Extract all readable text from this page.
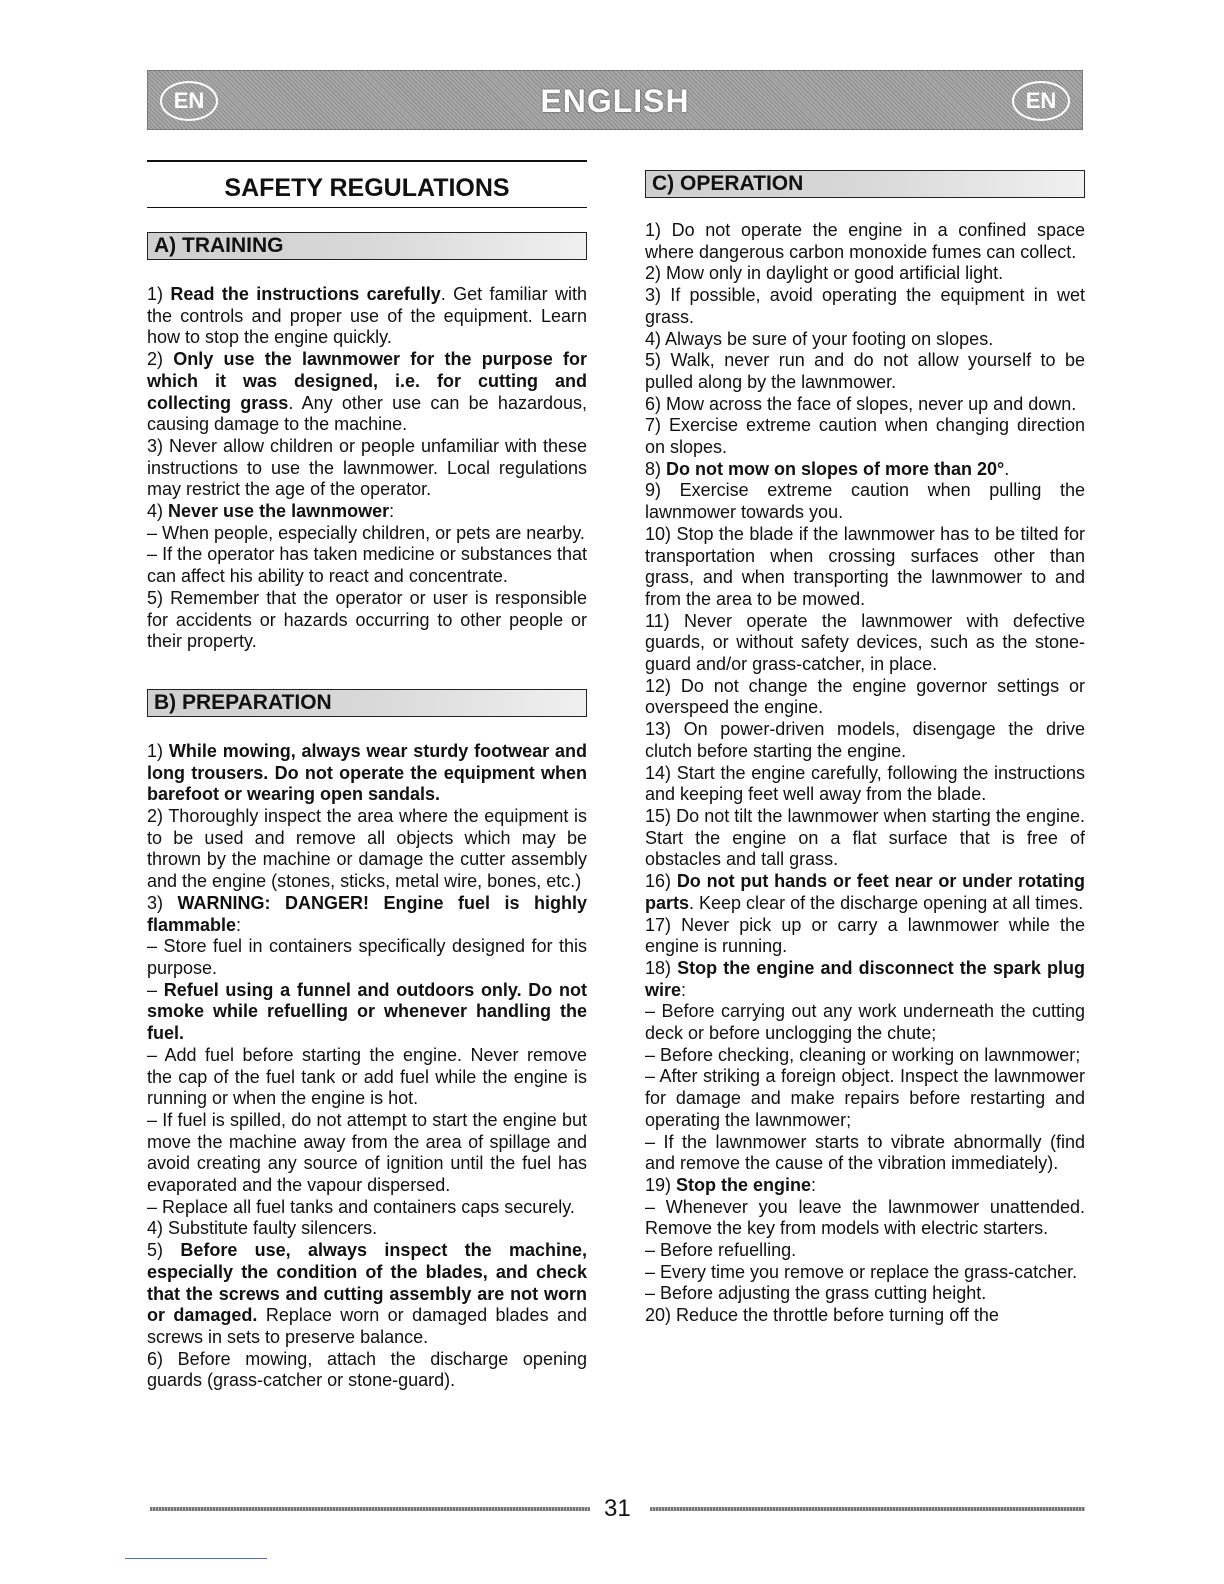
EN	ENGLISH	EN
SAFETY REGULATIONS
A) TRAINING

1) Read the instructions carefully. Get familiar with the controls and proper use of the equipment. Learn how to stop the engine quickly.

2) Only use the lawnmower for the purpose for which it was designed, i.e. for cutting and collecting grass. Any other use can be hazardous, causing damage to the machine.

3) Never allow children or people unfamiliar with these instructions to use the lawnmower. Local regulations may restrict the age of the operator.

4) Never use the lawnmower:

– When people, especially children, or pets are nearby.

– If the operator has taken medicine or substances that can affect his ability to react and concentrate.

5) Remember that the operator or user is responsible for accidents or hazards occurring to other people or their property.

B) PREPARATION

1) While mowing, always wear sturdy footwear and long trousers. Do not operate the equipment when barefoot or wearing open sandals.

2) Thoroughly inspect the area where the equipment is to be used and remove all objects which may be thrown by the machine or damage the cutter assembly and the engine (stones, sticks, metal wire, bones, etc.)

3) WARNING: DANGER! Engine fuel is highly flammable:

– Store fuel in containers specifically designed for this purpose.

– Refuel using a funnel and outdoors only. Do not smoke while refuelling or whenever handling the fuel.

– Add fuel before starting the engine. Never remove the cap of the fuel tank or add fuel while the engine is running or when the engine is hot.

– If fuel is spilled, do not attempt to start the engine but move the machine away from the area of spillage and avoid creating any source of ignition until the fuel has evaporated and the vapour dispersed.

– Replace all fuel tanks and containers caps securely.

4) Substitute faulty silencers.

5) Before use, always inspect the machine, especially the condition of the blades, and check that the screws and cutting assembly are not worn or damaged. Replace worn or damaged blades and screws in sets to preserve balance.

6) Before mowing, attach the discharge opening guards (grass-catcher or stone-guard).

C) OPERATION

1) Do not operate the engine in a confined space where dangerous carbon monoxide fumes can collect.

2) Mow only in daylight or good artificial light.

3) If possible, avoid operating the equipment in wet grass.

4) Always be sure of your footing on slopes.

5) Walk, never run and do not allow yourself to be pulled along by the lawnmower.

6) Mow across the face of slopes, never up and down.

7) Exercise extreme caution when changing direction on slopes.

8) Do not mow on slopes of more than 20°.

9) Exercise extreme caution when pulling the lawnmower towards you.

10) Stop the blade if the lawnmower has to be tilted for transportation when crossing surfaces other than grass, and when transporting the lawnmower to and from the area to be mowed.

11) Never operate the lawnmower with defective guards, or without safety devices, such as the stone-guard and/or grass-catcher, in place.

12) Do not change the engine governor settings or overspeed the engine.

13) On power-driven models, disengage the drive clutch before starting the engine.

14) Start the engine carefully, following the instructions and keeping feet well away from the blade.

15) Do not tilt the lawnmower when starting the engine. Start the engine on a flat surface that is free of obstacles and tall grass.

16) Do not put hands or feet near or under rotating parts. Keep clear of the discharge opening at all times.

17) Never pick up or carry a lawnmower while the engine is running.

18) Stop the engine and disconnect the spark plug wire:

– Before carrying out any work underneath the cutting deck or before unclogging the chute;

– Before checking, cleaning or working on lawnmower;

– After striking a foreign object. Inspect the lawnmower for damage and make repairs before restarting and operating the lawnmower;

– If the lawnmower starts to vibrate abnormally (find and remove the cause of the vibration immediately).

19) Stop the engine:

– Whenever you leave the lawnmower unattended. Remove the key from models with electric starters.

– Before refuelling.

– Every time you remove or replace the grass-catcher.

– Before adjusting the grass cutting height.

20) Reduce the throttle before turning off the

31
